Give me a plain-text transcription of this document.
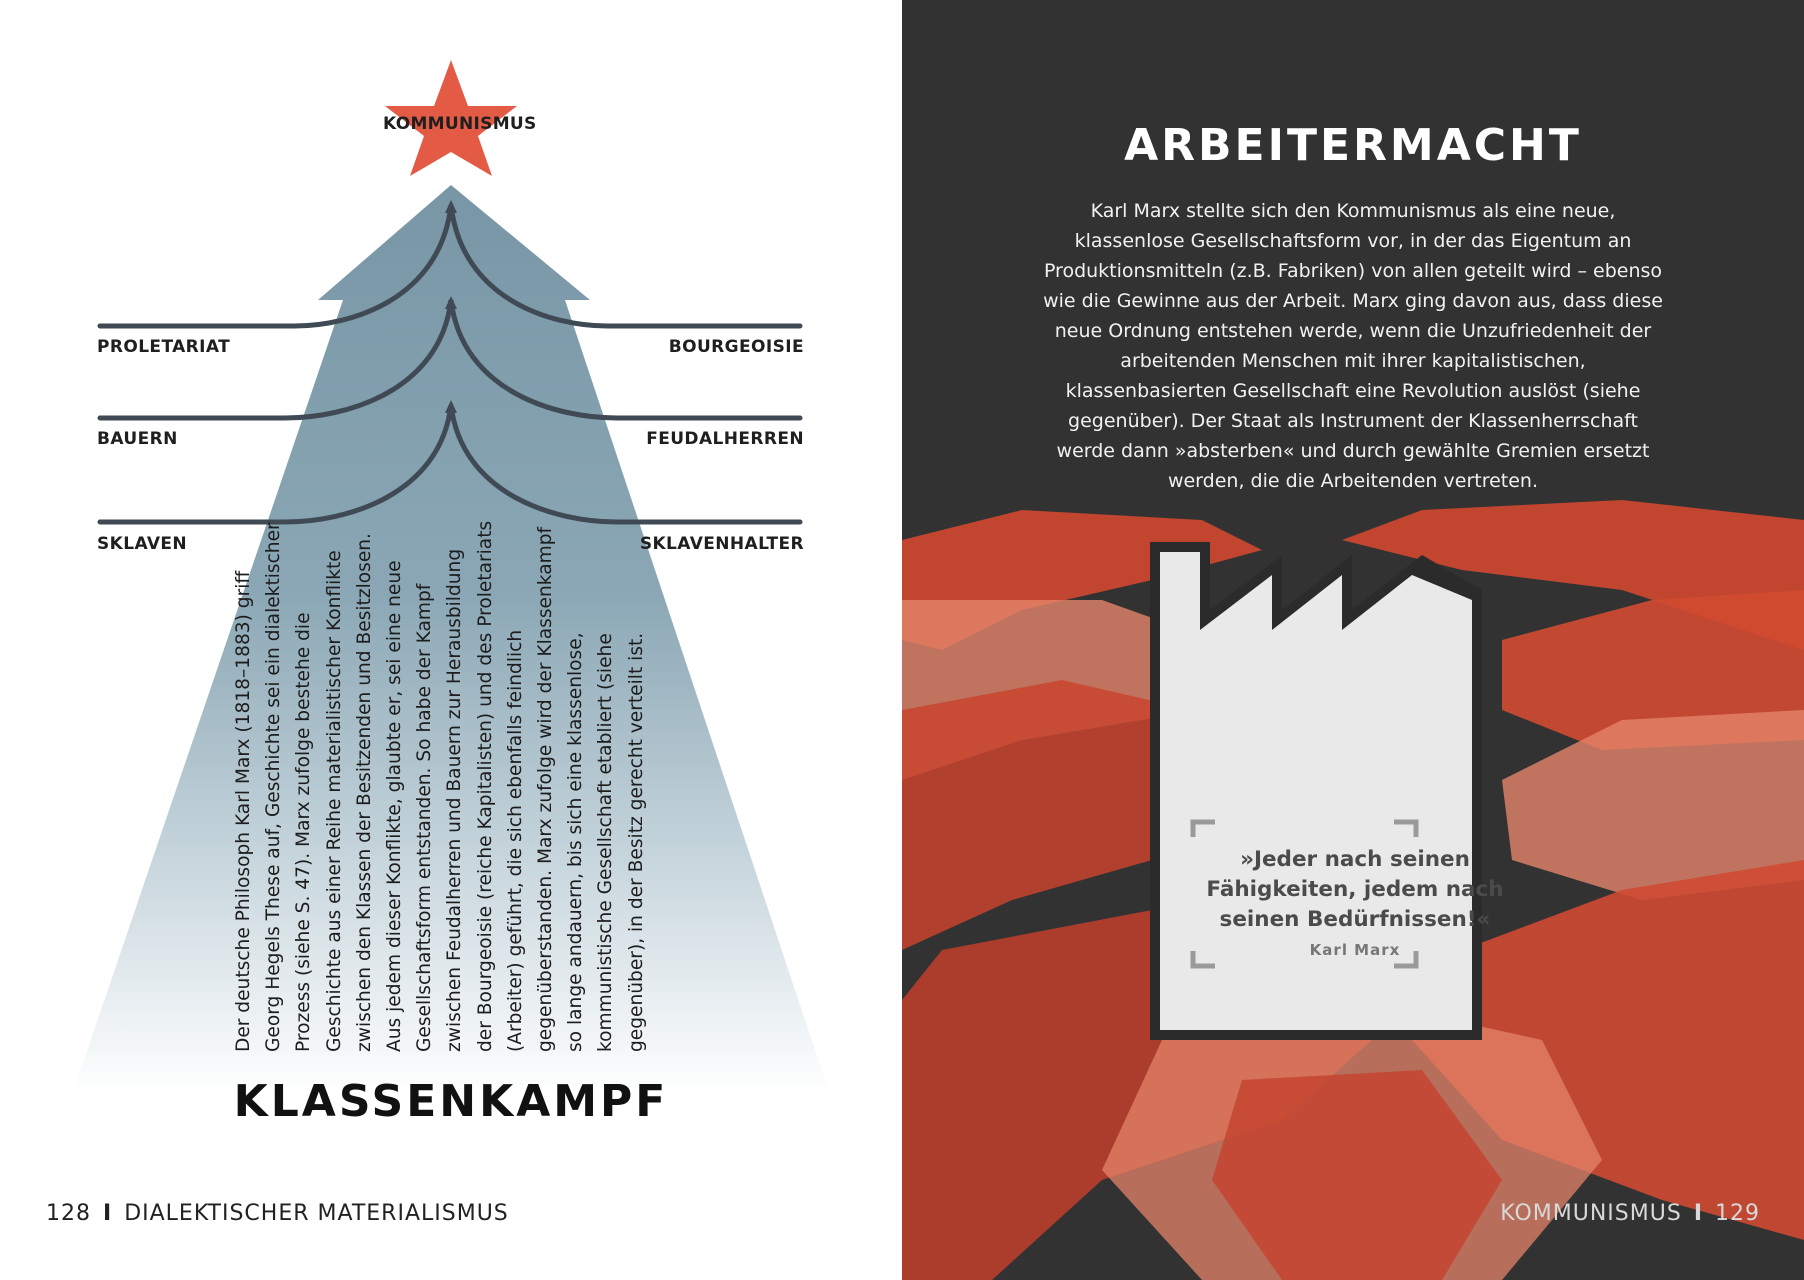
KOMMUNISMUS
PROLETARIAT
BAUERN
SKLAVEN
BOURGEOISIE
FEUDALHERREN
SKLAVENHALTER

Der deutsche Philosoph Karl Marx (1818–1883) griff Georg Hegels These auf, Geschichte sei ein dialektischer Prozess (siehe S. 47). Marx zufolge bestehe die Geschichte aus einer Reihe materialistischer Konflikte zwischen den Klassen der Besitzenden und Besitzlosen. Aus jedem dieser Konflikte, glaubte er, sei eine neue Gesellschaftsform entstanden. So habe der Kampf zwischen Feudalherren und Bauern zur Herausbildung der Bourgeoisie (reiche Kapitalisten) und des Proletariats (Arbeiter) geführt, die sich ebenfalls feindlich gegenüberstanden. Marx zufolge wird der Klassenkampf so lange andauern, bis sich eine klassenlose, kommunistische Gesellschaft etabliert (siehe gegenüber), in der Besitz gerecht verteilt ist.

KLASSENKAMPF
128 I DIALEKTISCHER MATERIALISMUS
ARBEITERMACHT

Karl Marx stellte sich den Kommunismus als eine neue, klassenlose Gesellschaftsform vor, in der das Eigentum an Produktionsmitteln (z.B. Fabriken) von allen geteilt wird – ebenso wie die Gewinne aus der Arbeit. Marx ging davon aus, dass diese neue Ordnung entstehen werde, wenn die Unzufriedenheit der arbeitenden Menschen mit ihrer kapitalistischen, klassenbasierten Gesellschaft eine Revolution auslöst (siehe gegenüber). Der Staat als Instrument der Klassenherrschaft werde dann »absterben« und durch gewählte Gremien ersetzt werden, die die Arbeitenden vertreten.

KOMMUNISMUS I 129
»Jeder nach seinen Fähigkeiten, jedem nach seinen Bedürfnissen!«
Karl Marx
